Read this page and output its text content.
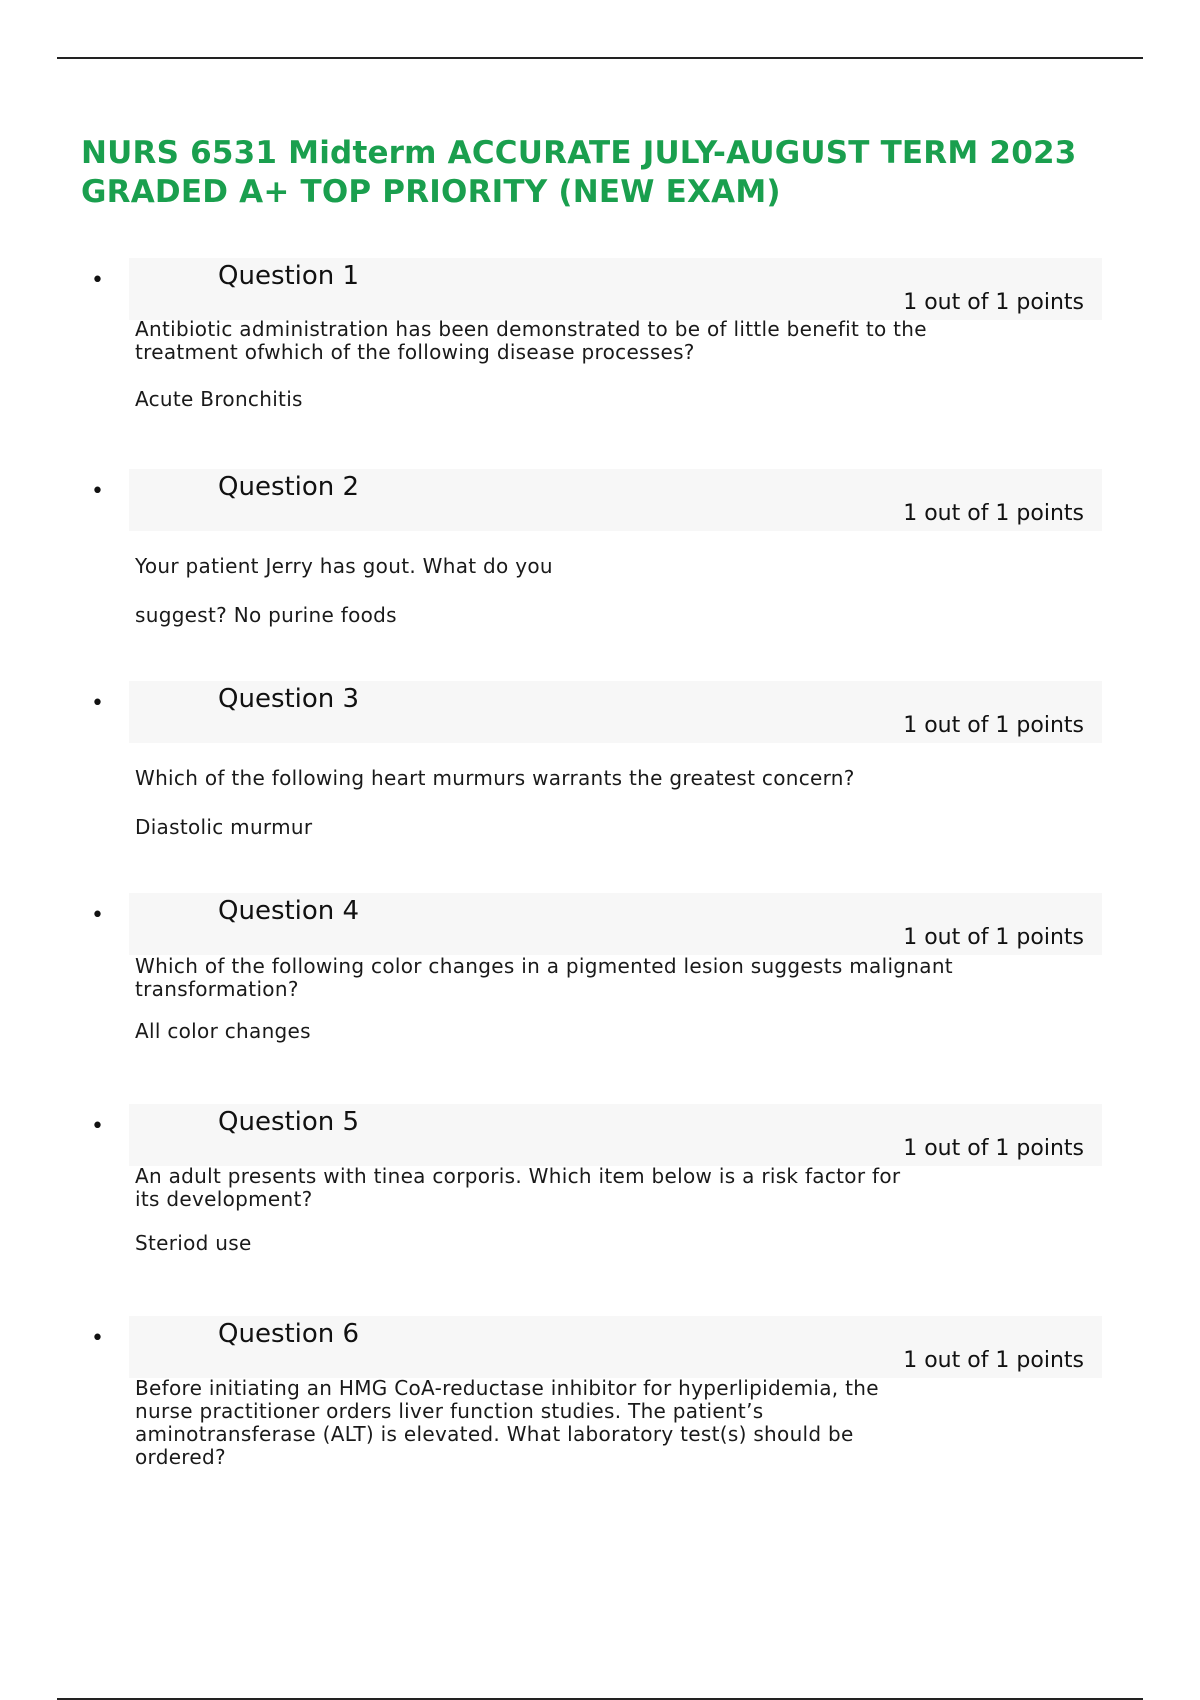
NURS 6531 Midterm ACCURATE JULY-AUGUST TERM 2023
GRADED A+ TOP PRIORITY (NEW EXAM)
•	Question 1
1 out of 1 points

Antibiotic administration has been demonstrated to be of little benefit to the
treatment ofwhich of the following disease processes?

Acute Bronchitis

•	Question 2
1 out of 1 points

Your patient Jerry has gout. What do you

suggest? No purine foods

•	Question 3
1 out of 1 points

Which of the following heart murmurs warrants the greatest concern?

Diastolic murmur

•	Question 4
1 out of 1 points

Which of the following color changes in a pigmented lesion suggests malignant
transformation?

All color changes

•	Question 5
1 out of 1 points

An adult presents with tinea corporis. Which item below is a risk factor for
its development?

Steriod use

•	Question 6
1 out of 1 points

Before initiating an HMG CoA-reductase inhibitor for hyperlipidemia, the
nurse practitioner orders liver function studies. The patient’s
aminotransferase (ALT) is elevated. What laboratory test(s) should be
ordered?
